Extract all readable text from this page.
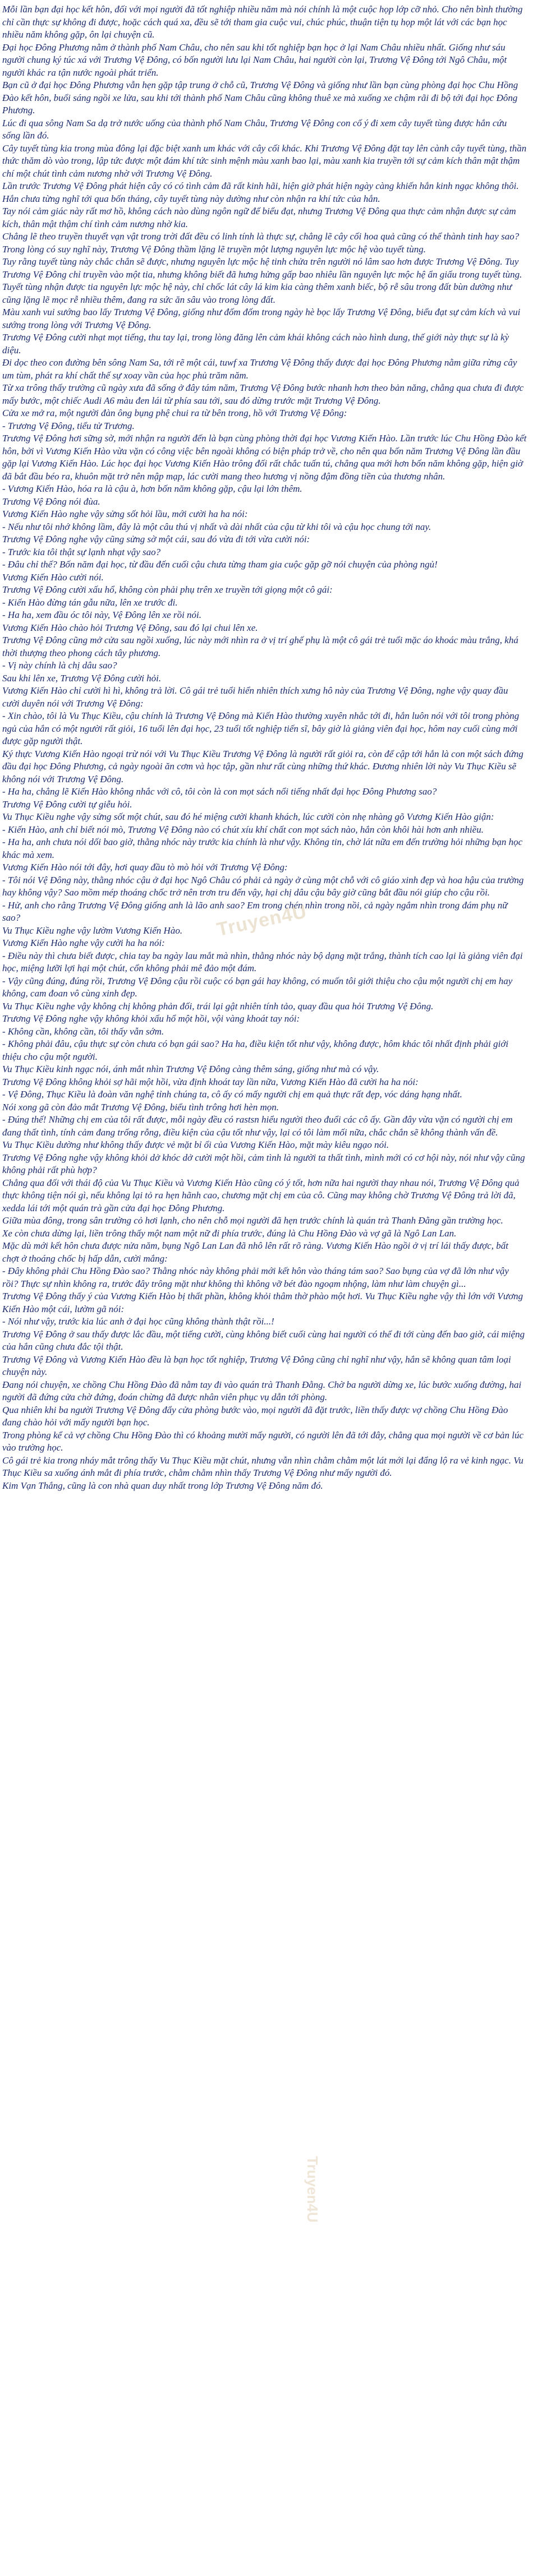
Mỗi lần bạn đại học kết hôn, đối với mọi người đã tốt nghiệp nhiều năm mà nói chính là một cuộc họp lớp cỡ nhỏ. Cho nên bình thường chỉ cần thực sự không đi được, hoặc cách quá xa, đều sẽ tới tham gia cuộc vui, chúc phúc, thuận tiện tụ họp một lát với các bạn học nhiều năm không gặp, ôn lại chuyện cũ.

Đại học Đông Phương nằm ở thành phố Nam Châu, cho nên sau khi tốt nghiệp bạn học ở lại Nam Châu nhiều nhất. Giống như sáu người chung ký túc xá với Trương Vệ Đông, có bốn người lưu lại Nam Châu, hai người còn lại, Trương Vệ Đông tới Ngô Châu, một người khác ra tận nước ngoài phát triển.

Bạn cũ ở đại học Đông Phương vẫn hẹn gặp tập trung ở chỗ cũ, Trương Vệ Đông và giống như lần bạn cùng phòng đại học Chu Hồng Đào kết hôn, buổi sáng ngồi xe lửa, sau khi tới thành phố Nam Châu cũng không thuê xe mà xuống xe chậm rãi đi bộ tới đại học Đông Phương.

Lúc đi qua sông Nam Sa dạ trở nước uống của thành phố Nam Châu, Trương Vệ Đông con cố ý đi xem cây tuyết tùng được hắn cứu sống lần đó.

Cây tuyết tùng kia trong mùa đông lại đặc biệt xanh um khác với cây cối khác. Khi Trương Vệ Đông đặt tay lên cành cây tuyết tùng, thần thức thăm dò vào trong, lập tức được một đám khí tức sinh mệnh màu xanh bao lại, màu xanh kia truyền tới sự cảm kích thân mật thậm chí một chút tình cảm nương nhờ với Trương Vệ Đông.

Lần trước Trương Vệ Đông phát hiện cây có có tình cảm đã rất kinh hãi, hiện giờ phát hiện ngày càng khiến hắn kinh ngạc không thôi. Hắn chưa từng nghĩ tới qua bốn tháng, cây tuyết tùng này dường như còn nhận ra khí tức của hắn.

Tay nói cảm giác này rất mơ hồ, không cách nào dùng ngôn ngữ để biểu đạt, nhưng Trương Vệ Đông qua thực cảm nhận được sự cảm kích, thân mật thậm chí tình cảm nương nhờ kia.

Chẳng lẽ theo truyền thuyết vạn vật trong trời đất đều có linh tính là thực sự, chẳng lẽ cây cối hoa quả cũng có thể thành tinh hay sao?

Trong lòng có suy nghĩ này, Trương Vệ Đông thầm lặng lẽ truyền một lượng nguyên lực mộc hệ vào tuyết tùng.

Tuy rằng tuyết tùng này chắc chắn sẽ được, nhưng nguyên lực mộc hệ tinh chửa trên người nó lâm sao hơn được Trương Vệ Đông. Tuy Trương Vệ Đông chỉ truyền vào một tia, nhưng không biết đã hưng hửng gấp bao nhiêu lần nguyên lực mộc hệ ẩn giấu trong tuyết tùng. Tuyết tùng nhận được tia nguyên lực mộc hệ này, chỉ chốc lát cây lá kim kia càng thêm xanh biếc, bộ rễ sâu trong đất bùn dường như cũng lặng lẽ mọc rễ nhiều thêm, đang ra sức ăn sâu vào trong lòng đất.

Màu xanh vui sướng bao lấy Trương Vệ Đông, giống như đốm đốm trong ngày hè bọc lấy Trương Vệ Đông, biểu đạt sự cảm kích và vui sướng trong lòng với Trương Vệ Đông.

Trương Vệ Đông cười nhạt mọt tiếng, thu tay lại, trong lòng đăng lên cảm khái không cách nào hình dung, thế giới này thực sự là kỳ diệu.

Đi dọc theo con đường bên sông Nam Sa, tới rẽ một cái, tuwf xa Trương Vệ Đông thấy được đại học Đông Phương nằm giữa rừng cây um tùm, phát ra khí chất thế sự xoay vần của học phủ trăm năm.

Từ xa trông thấy trường cũ ngày xưa đã sống ở đây tám năm, Trương Vệ Đông bước nhanh hơn theo bản năng, chẳng qua chưa đi được mấy bước, một chiếc Audi A6 màu đen lái từ phía sau tới, sau đó dừng trước mặt Trương Vệ Đông.

Cửa xe mở ra, một người đàn ông bụng phệ chui ra từ bên trong, hồ với Trương Vệ Đông:

- Trương Vệ Đông, tiểu tử Trương.

Trương Vệ Đông hơi sững sờ, mới nhận ra người đến là bạn cùng phòng thời đại học Vương Kiến Hào. Lần trước lúc Chu Hồng Đào kết hôn, bởi vì Vương Kiến Hào vừa vặn có công việc bên ngoài không có biện pháp trở về, cho nên qua bốn năm Trương Vệ Đông lần đầu gặp lại Vương Kiến Hào. Lúc học đại học Vương Kiến Hào trông đối rất chắc tuấn tú, chẳng qua mới hơn bốn năm không gặp, hiện giờ đã bắt đầu béo ra, khuôn mặt trở nên mập mạp, lác cười mang theo hương vị nồng đậm đồng tiền của thương nhân.

- Vương Kiến Hào, hóa ra là cậu à, hơn bốn năm không gặp, cậu lại lớn thêm.

Trương Vệ Đông nói đùa.

Vương Kiến Hào nghe vậy sửng sốt hỏi lầu, mới cười ha ha nói:

- Nếu như tôi nhớ không lầm, đây là một câu thú vị nhất và dài nhất của cậu từ khi tôi và cậu học chung tới nay.

Trương Vệ Đông nghe vậy cũng sửng sờ một cái, sau đó vừa đi tới vừa cười nói:

- Trước kia tôi thật sự lạnh nhạt vậy sao?

- Đâu chỉ thế? Bốn năm đại học, từ đầu đến cuối cậu chưa từng tham gia cuộc gặp gỡ nói chuyện của phòng ngủ!

Vương Kiến Hào cười nói.

Trương Vệ Đông cười xấu hổ, không còn phải phụ trên xe truyền tới giọng một cô gái:

- Kiến Hào đừng tán gẫu nữa, lên xe trước đi.

- Ha ha, xem đầu óc tôi này, Vệ Đông lên xe rồi nói.

Vương Kiến Hào chào hỏi Trương Vệ Đông, sau đó lại chui lên xe.

Trương Vệ Đông cũng mở cửa sau ngồi xuống, lúc này mới nhìn ra ở vị trí ghế phụ là một cô gái trẻ tuổi mặc áo khoác màu trắng, khá thời thượng theo phong cách tây phương.

- Vị này chính là chị dâu sao?

Sau khi lên xe, Trương Vệ Đông cười hỏi.

Vương Kiến Hào chỉ cười hì hì, không trả lời. Cô gái trẻ tuổi hiển nhiên thích xưng hô này của Trương Vệ Đông, nghe vậy quay đầu cười duyên nói với Trương Vệ Đông:

- Xin chào, tôi là Vu Thục Kiều, cậu chính là Trương Vệ Đông mà Kiến Hào thường xuyên nhắc tới đi, hắn luôn nói với tôi trong phòng ngủ của hắn có một người rất giỏi, 16 tuổi lên đại học, 23 tuổi tốt nghiệp tiến sĩ, bây giờ là giảng viên đại học, hôm nay cuối cùng mới được gặp người thật.

Ký thực Vương Kiến Hào ngoại trừ nói với Vu Thục Kiều Trương Vệ Đông là người rất giỏi ra, còn để cập tới hắn là con một sách đứng đầu đại học Đông Phương, cả ngày ngoài ăn cơm và học tập, gần như rất cùng những thứ khác. Đương nhiên lời này Vu Thục Kiều sẽ không nói với Trương Vệ Đông.

- Ha ha, chẳng lẽ Kiến Hào không nhắc với cô, tôi còn là con mọt sách nổi tiếng nhất đại học Đông Phương sao?

Trương Vệ Đông cười tự giễu hỏi.

Vu Thục Kiều nghe vậy sửng sốt một chút, sau đó hé miệng cười khanh khách, lúc cười còn nhẹ nhàng gõ Vương Kiến Hào giận:

- Kiến Hào, anh chỉ biết nói mò, Trương Vệ Đông nào có chút xíu khí chất con mọt sách nào, hắn còn khôi hài hơn anh nhiều.

- Ha ha, anh chưa nói dối bao giờ, thằng nhóc này trước kia chính là như vậy. Không tin, chờ lát nữa em đến trường hỏi những bạn học khác mà xem.

Vương Kiến Hào nói tới đây, hơi quay đầu tò mò hỏi với Trương Vệ Đông:

- Tôi nói Vệ Đông này, thằng nhóc cậu ở đại học Ngô Châu có phải cả ngày ở cùng một chỗ với cô giáo xinh đẹp và hoa hậu của trường hay không vậy? Sao mồm mép thoáng chốc trở nên trơn tru đến vậy, hại chị dâu cậu bây giờ cũng bắt đầu nói giúp cho cậu rồi.

- Hử, anh cho rằng Trương Vệ Đông giống anh là lão anh sao? Em trong chén nhìn trong nồi, cả ngày ngắm nhìn trong đám phụ nữ sao?

Vu Thục Kiều nghe vậy lườm Vương Kiến Hào.

Vương Kiến Hào nghe vậy cười ha ha nói:

- Điều này thì chưa biết được, chia tay ba ngày lau mắt mà nhìn, thằng nhóc này bộ dạng mặt trắng, thành tích cao lại là giảng viên đại học, miệng lưỡi lợi hại một chút, cổn không phải mê đảo một đám.

- Vậy cũng đúng, đúng rồi, Trương Vệ Đông cậu rồi cuộc có bạn gái hay không, có muốn tôi giới thiệu cho cậu một người chị em hay không, cam đoan vô cùng xinh đẹp.

Vu Thục Kiều nghe vậy không chị không phản đối, trái lại gật nhiên tính tảo, quay đầu qua hỏi Trương Vệ Đông.

Trương Vệ Đông nghe vậy không khỏi xấu hổ một hồi, vội vàng khoát tay nói:

- Không cần, không cần, tôi thấy vẫn sớm.

- Không phải đâu, cậu thực sự còn chưa có bạn gái sao? Ha ha, điều kiện tốt như vậy, không được, hôm khác tôi nhất định phải giới thiệu cho cậu một người.

Vu Thục Kiều kinh ngạc nói, ánh mắt nhìn Trương Vệ Đông càng thêm sáng, giống như mà có vậy.

Trương Vệ Đông không khỏi sợ hãi một hồi, vừa định khoát tay lần nữa, Vương Kiến Hào đã cười ha ha nói:

- Vệ Đông, Thục Kiều là đoàn văn nghệ tỉnh chúng ta, cô ấy có mấy người chị em quả thực rất đẹp, vóc dáng hạng nhất.

Nói xong gã còn đảo mắt Trương Vệ Đông, biểu tình trông hơi hèn mọn.

- Đúng thế! Những chị em của tôi rất được, mỗi ngày đều có rastsn hiểu người theo đuổi các cô ấy. Gần đây vừa vặn có người chị em đang thất tình, tính cảm đang trống rỗng, điều kiện của cậu tốt như vậy, lại có tôi làm mối nữa, chắc chắn sẽ không thành vấn đề.

Vu Thục Kiều dường như không thấy được vẻ mặt bỉ ổi của Vương Kiến Hào, mặt mày kiêu ngạo nói.

Trương Vệ Đông nghe vậy không khỏi dở khóc dở cười một hồi, cảm tình là người ta thất tình, mình mới có cơ hội này, nói như vậy cũng không phải rất phù hợp?

Chẳng qua đối với thái độ của Vu Thục Kiều và Vương Kiến Hào cũng có ý tốt, hơn nữa hai người thay nhau nói, Trương Vệ Đông quả thực không tiện nói gì, nếu không lại tỏ ra hẹn hãnh cao, chương mặt chị em của cô. Cũng may không chờ Trương Vệ Đông trả lời đã, xedda lái tới một quán trà gần cửa đại học Đông Phương.

Giữa mùa đông, trong sân trường cỏ hơi lạnh, cho nên chỗ mọi người đã hẹn trước chính là quán trà Thanh Đằng gần trường học.

Xe còn chưa dừng lại, liền trông thấy một nam một nữ đi phía trước, đúng là Chu Hồng Đào và vợ gã là Ngô Lan Lan.

Mặc dù mới kết hôn chưa được nửa năm, bụng Ngô Lan Lan đã nhô lên rất rõ ràng. Vương Kiến Hào ngồi ở vị trí lái thấy được, bất chợt ở thoáng chốc bị hấp dẫn, cười mắng:

- Đây không phải Chu Hồng Đào sao? Thằng nhóc này không phải mới kết hôn vào tháng tám sao? Sao bụng của vợ đã lớn như vậy rồi? Thực sự nhìn không ra, trước đây trông mặt như không thì không vỡ bét đào ngoạm nhộng, làm như làm chuyện gì...

Trương Vệ Đông thấy ý của Vương Kiến Hào bị thất phần, không khỏi thâm thờ phào một hơi. Vu Thục Kiều nghe vậy thì lớn với Vương Kiến Hào một cái, lườm gã nói:

- Nói như vậy, trước kia lúc anh ở đại học cũng không thành thật rồi...!

Trương Vệ Đông ở sau thấy được lắc đầu, một tiếng cười, cùng không biết cuối cùng hai người có thể đi tới cùng đến bao giờ, cái miệng của hắn cũng chưa đắc tội thật.

Trương Vệ Đông và Vương Kiến Hào đều là bạn học tốt nghiệp, Trương Vệ Đông cũng chỉ nghĩ như vậy, hắn sẽ không quan tâm loại chuyện này.

Đang nói chuyện, xe chồng Chu Hồng Đào đã nằm tay đi vào quán trà Thanh Đằng. Chờ ba người dừng xe, lúc bước xuống đường, hai người đã đứng cửa chờ đứng, đoán chừng đã được nhân viên phục vụ dẫn tới phòng.

Qua nhiên khi ba người Trương Vệ Đông đẩy cửa phòng bước vào, mọi người đã đặt trước, liền thấy được vợ chồng Chu Hồng Đào đang chào hỏi với mấy người bạn học.

Trong phòng kể cả vợ chồng Chu Hồng Đào thì có khoảng mười mấy người, có người lên đã tới đây, chẳng qua mọi người về cơ bản lúc vào trường học.

Cô gái trẻ kia trong nháy mắt trông thấy Vu Thục Kiều mặt chút, nhưng vẫn nhìn chằm chằm một lát mới lại đẩng lộ ra vẻ kinh ngạc. Vu Thục Kiều sa xuống ánh mắt đi phía trước, chằm chằm nhìn thấy Trương Vệ Đông như mấy người đó.

Kim Vạn Thắng, cũng là con nhà quan duy nhất trong lớp Trương Vệ Đông năm đó.

Truyen4U
Truyen4U
